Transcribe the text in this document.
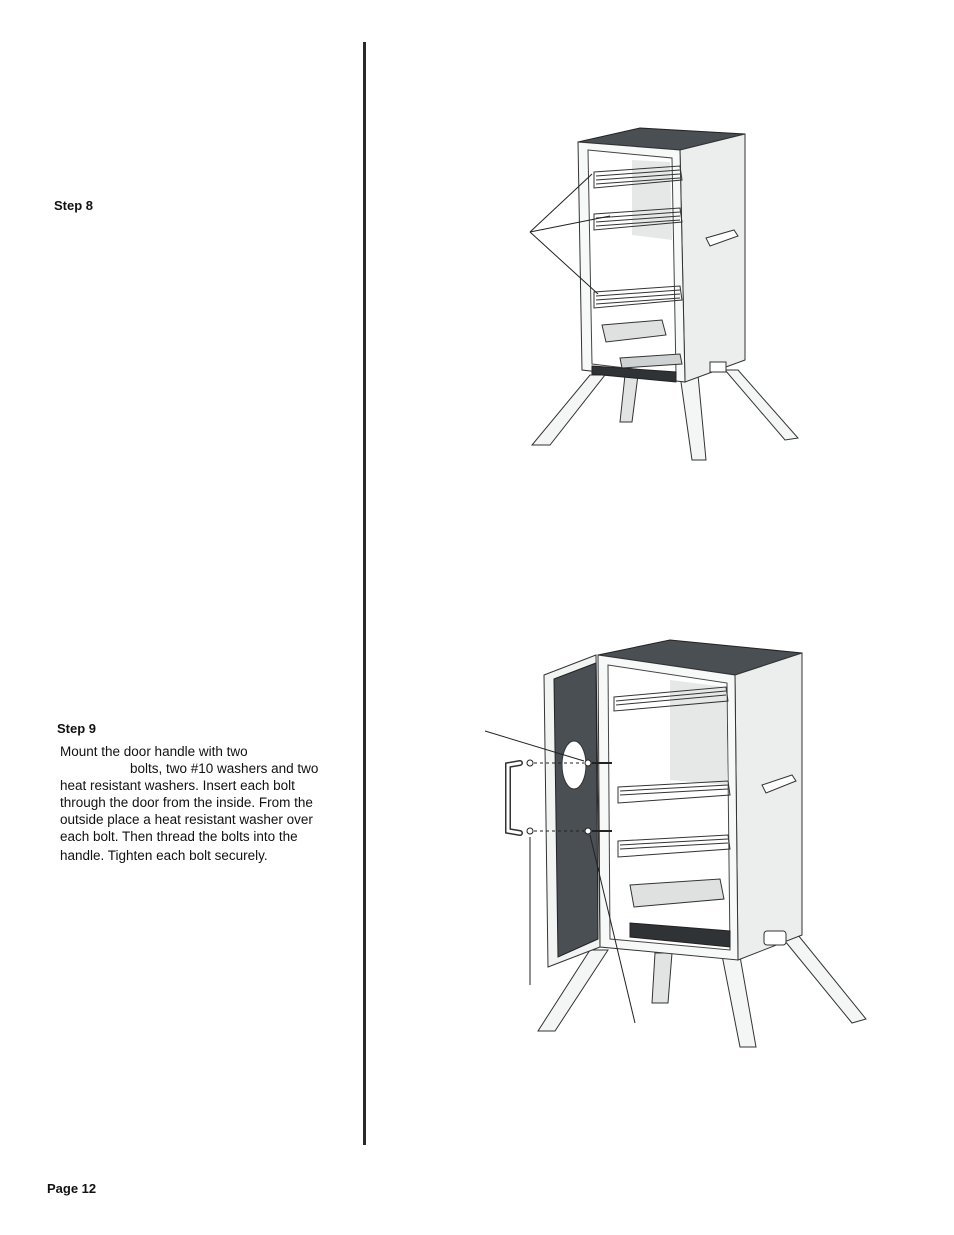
Step 8
Step 9
Mount the door handle with two
bolts, two #10 washers and two
heat resistant washers. Insert each bolt
through the door from the inside. From the
outside place a heat resistant washer over
each bolt. Then thread the bolts into the
handle. Tighten each bolt securely.
Page 12
